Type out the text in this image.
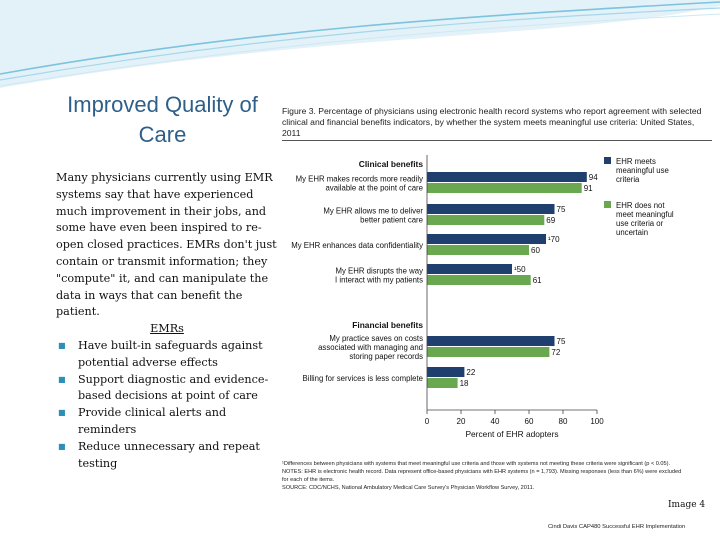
Improved Quality of
Care

Many physicians currently using EMR systems say that have experienced much improvement in their jobs, and some have even been inspired to re-open closed practices. EMRs don't just contain or transmit information; they "compute" it, and can manipulate the data in ways that can benefit the patient.

EMRs

■ Have built-in safeguards against potential adverse effects
■ Support diagnostic and evidence-based decisions at point of care
■ Provide clinical alerts and reminders
■ Reduce unnecessary and repeat testing
Figure 3. Percentage of physicians using electronic health record systems who report agreement with selected clinical and financial benefits indicators, by whether the system meets meaningful use criteria: United States, 2011
Clinical benefits
My EHR makes records more readily
available at the point of care
94
91
My EHR allows me to deliver
better patient care
75
69
My EHR enhances data confidentiality
¹70
60
My EHR disrupts the way
I interact with my patients
¹50
61
Financial benefits
My practice saves on costs
associated with managing and
storing paper records
75
72
Billing for services is less complete
22
18
0	20	40	60	80	100
Percent of EHR adopters
EHR meets
meaningful use
criteria
EHR does not
meet meaningful
use criteria or
uncertain

¹Differences between physicians with systems that meet meaningful use criteria and those with systems not meeting these criteria were significant (p < 0.05).

NOTES: EHR is electronic health record. Data represent office-based physicians with EHR systems (n = 1,793). Missing responses (less than 6%) were excluded

for each of the items.

SOURCE: CDC/NCHS, National Ambulatory Medical Care Survey's Physician Workflow Survey, 2011.

Image 4
Cindi Davis CAP480 Successful EHR Implementation
